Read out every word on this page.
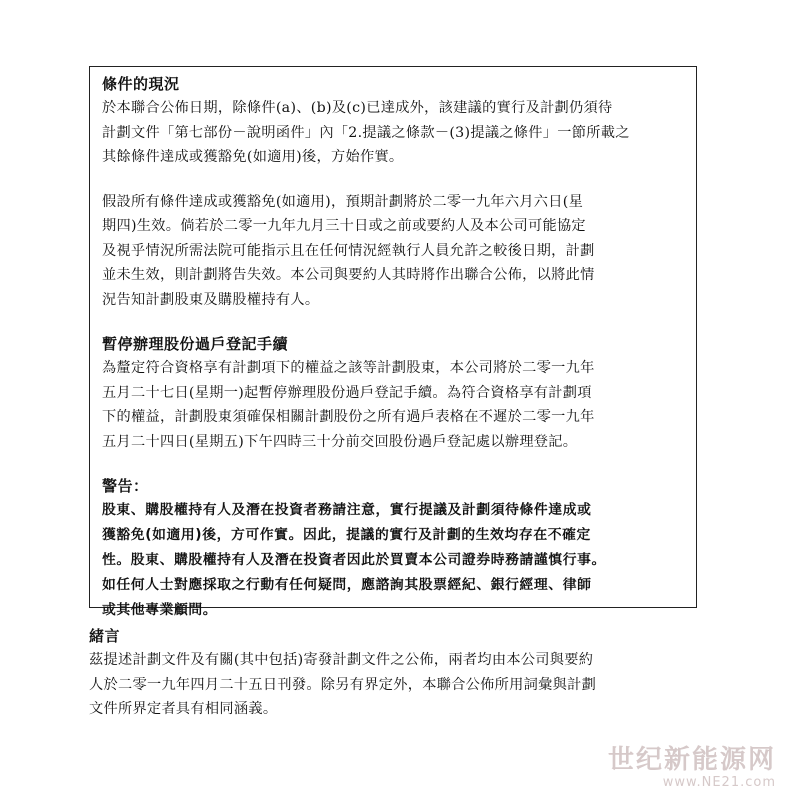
條件的現況

於本聯合公佈日期，除條件(a)、(b)及(c)已達成外，該建議的實行及計劃仍須待
計劃文件「第七部份－說明函件」內「2.提議之條款－(3)提議之條件」一節所載之
其餘條件達成或獲豁免(如適用)後，方始作實。

假設所有條件達成或獲豁免(如適用)，預期計劃將於二零一九年六月六日(星
期四)生效。倘若於二零一九年九月三十日或之前或要約人及本公司可能協定
及視乎情況所需法院可能指示且在任何情況經執行人員允許之較後日期，計劃
並未生效，則計劃將告失效。本公司與要約人其時將作出聯合公佈，以將此情
況告知計劃股東及購股權持有人。

暫停辦理股份過戶登記手續

為釐定符合資格享有計劃項下的權益之該等計劃股東，本公司將於二零一九年
五月二十七日(星期一)起暫停辦理股份過戶登記手續。為符合資格享有計劃項
下的權益，計劃股東須確保相關計劃股份之所有過戶表格在不遲於二零一九年
五月二十四日(星期五)下午四時三十分前交回股份過戶登記處以辦理登記。

警告：

股東、購股權持有人及潛在投資者務請注意，實行提議及計劃須待條件達成或
獲豁免(如適用)後，方可作實。因此，提議的實行及計劃的生效均存在不確定
性。股東、購股權持有人及潛在投資者因此於買賣本公司證券時務請謹慎行事。
如任何人士對應採取之行動有任何疑問，應諮詢其股票經紀、銀行經理、律師
或其他專業顧問。

緒言

茲提述計劃文件及有關(其中包括)寄發計劃文件之公佈，兩者均由本公司與要約
人於二零一九年四月二十五日刊發。除另有界定外，本聯合公佈所用詞彙與計劃
文件所界定者具有相同涵義。

世纪新能源网
www.NE21.com
